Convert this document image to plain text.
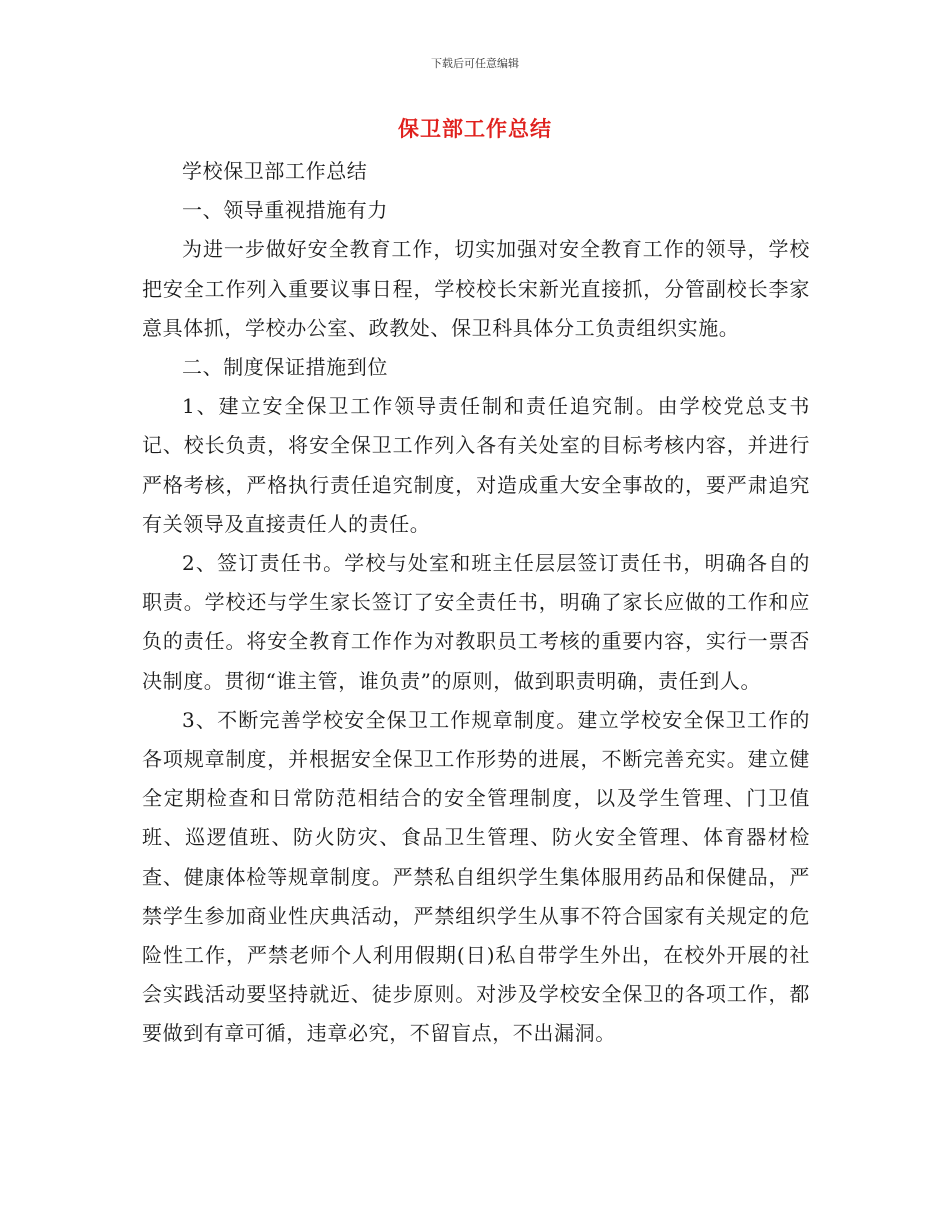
下载后可任意编辑
保卫部工作总结

学校保卫部工作总结

一、领导重视措施有力

为进一步做好安全教育工作，切实加强对安全教育工作的领导，学校把安全工作列入重要议事日程，学校校长宋新光直接抓，分管副校长李家意具体抓，学校办公室、政教处、保卫科具体分工负责组织实施。

二、制度保证措施到位

1、建立安全保卫工作领导责任制和责任追究制。由学校党总支书记、校长负责，将安全保卫工作列入各有关处室的目标考核内容，并进行严格考核，严格执行责任追究制度，对造成重大安全事故的，要严肃追究有关领导及直接责任人的责任。

2、签订责任书。学校与处室和班主任层层签订责任书，明确各自的职责。学校还与学生家长签订了安全责任书，明确了家长应做的工作和应负的责任。将安全教育工作作为对教职员工考核的重要内容，实行一票否决制度。贯彻“谁主管，谁负责”的原则，做到职责明确，责任到人。

3、不断完善学校安全保卫工作规章制度。建立学校安全保卫工作的各项规章制度，并根据安全保卫工作形势的进展，不断完善充实。建立健全定期检查和日常防范相结合的安全管理制度，以及学生管理、门卫值班、巡逻值班、防火防灾、食品卫生管理、防火安全管理、体育器材检查、健康体检等规章制度。严禁私自组织学生集体服用药品和保健品，严禁学生参加商业性庆典活动，严禁组织学生从事不符合国家有关规定的危险性工作，严禁老师个人利用假期(日)私自带学生外出，在校外开展的社会实践活动要坚持就近、徒步原则。对涉及学校安全保卫的各项工作，都要做到有章可循，违章必究，不留盲点，不出漏洞。
